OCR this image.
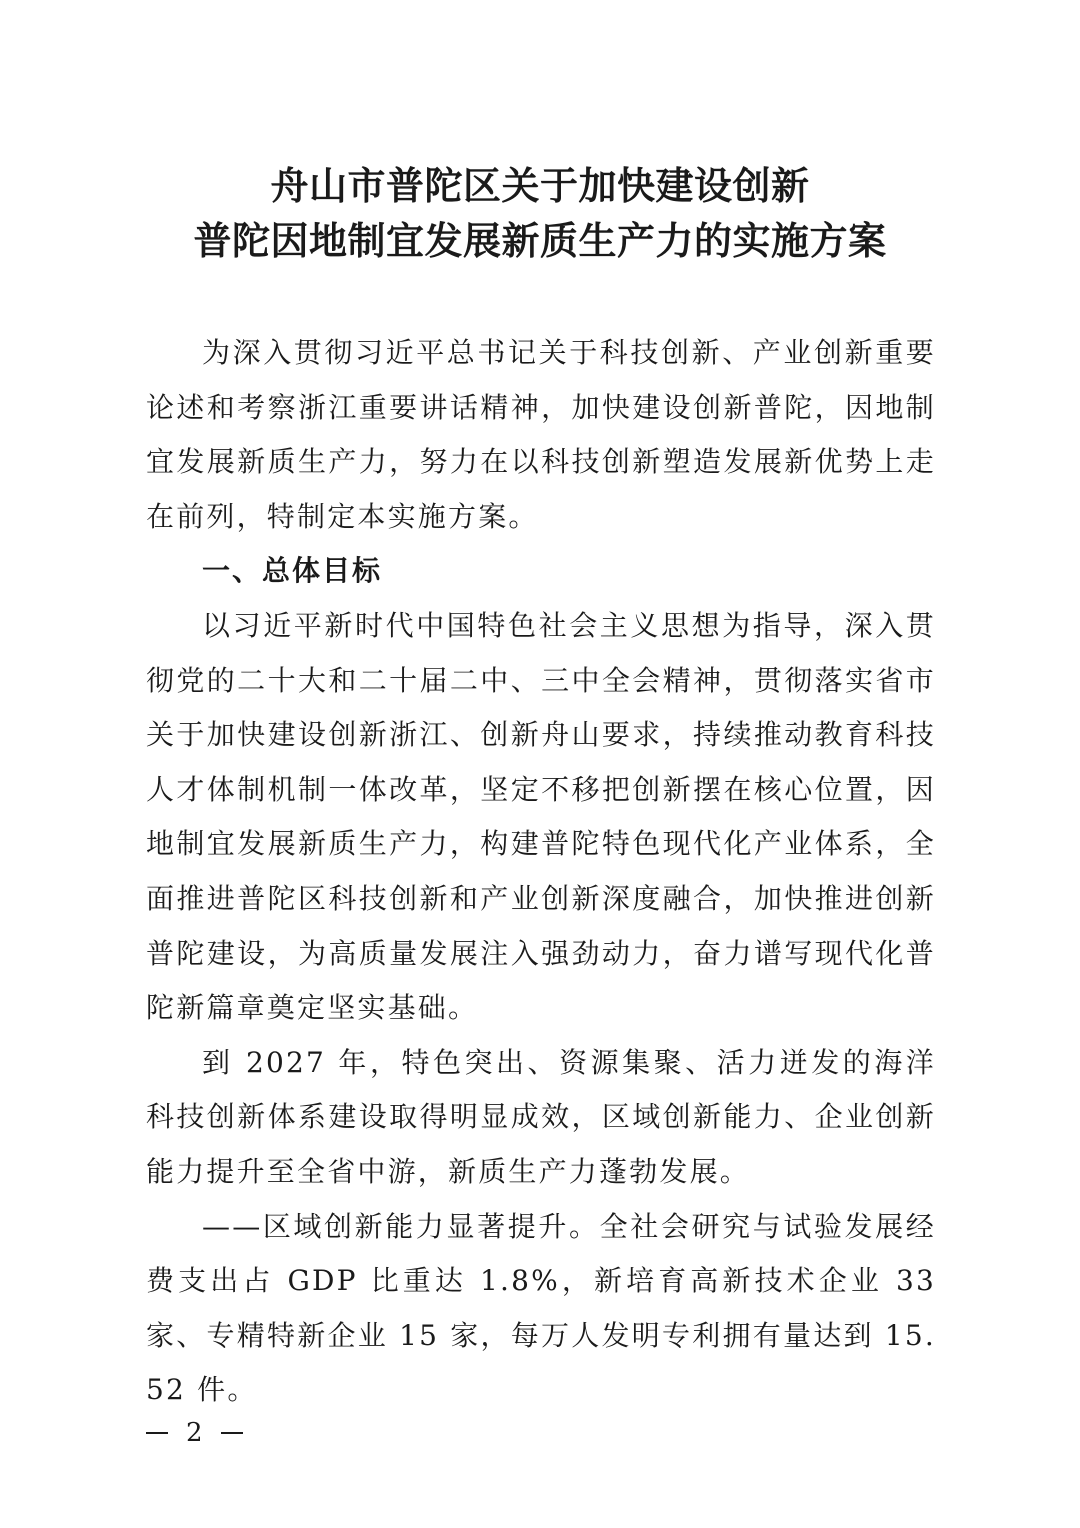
舟山市普陀区关于加快建设创新
普陀因地制宜发展新质生产力的实施方案

为深入贯彻习近平总书记关于科技创新、产业创新重要论述和考察浙江重要讲话精神，加快建设创新普陀，因地制宜发展新质生产力，努力在以科技创新塑造发展新优势上走在前列，特制定本实施方案。

一、总体目标

以习近平新时代中国特色社会主义思想为指导，深入贯彻党的二十大和二十届二中、三中全会精神，贯彻落实省市关于加快建设创新浙江、创新舟山要求，持续推动教育科技人才体制机制一体改革，坚定不移把创新摆在核心位置，因地制宜发展新质生产力，构建普陀特色现代化产业体系，全面推进普陀区科技创新和产业创新深度融合，加快推进创新普陀建设，为高质量发展注入强劲动力，奋力谱写现代化普陀新篇章奠定坚实基础。

到 2027 年，特色突出、资源集聚、活力迸发的海洋科技创新体系建设取得明显成效，区域创新能力、企业创新能力提升至全省中游，新质生产力蓬勃发展。

——区域创新能力显著提升。全社会研究与试验发展经费支出占 GDP 比重达 1.8%，新培育高新技术企业 33 家、专精特新企业 15 家，每万人发明专利拥有量达到 15.52 件。

2
